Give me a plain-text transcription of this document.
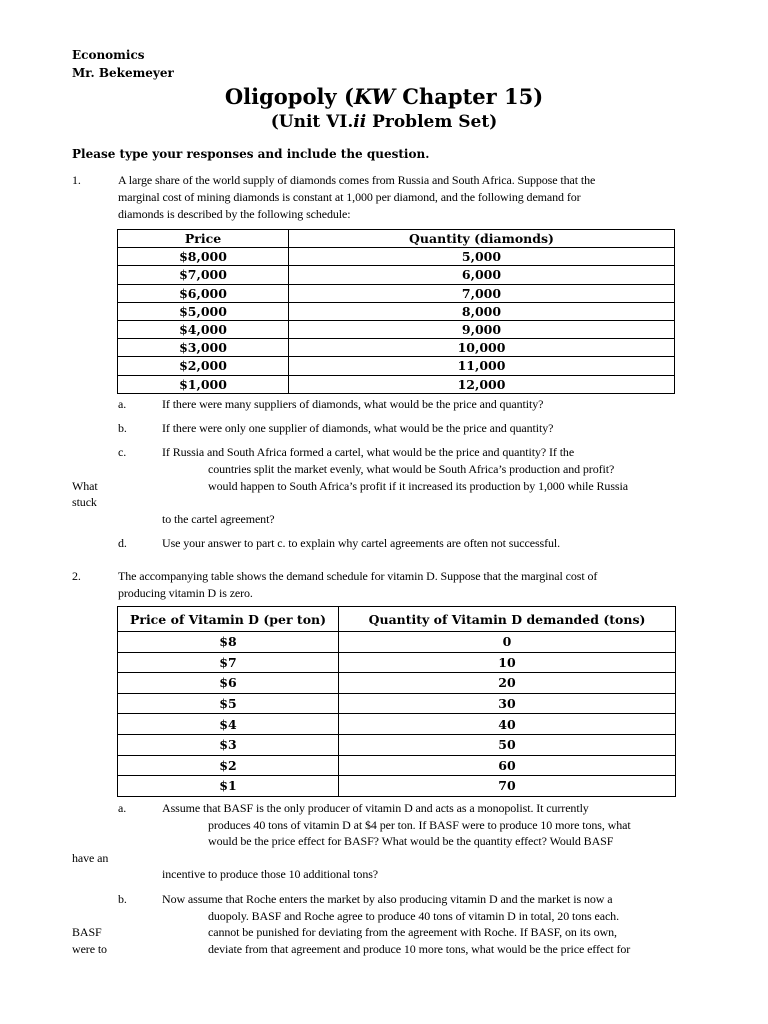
Economics
Mr. Bekemeyer
Oligopoly (KW Chapter 15)
(Unit VI.ii Problem Set)
Please type your responses and include the question.
1.	A large share of the world supply of diamonds comes from Russia and South Africa. Suppose that the
marginal cost of mining diamonds is constant at 1,000 per diamond, and the following demand for
diamonds is described by the following schedule:
Price	Quantity (diamonds)
$8,000	5,000
$7,000	6,000
$6,000	7,000
$5,000	8,000
$4,000	9,000
$3,000	10,000
$2,000	11,000
$1,000	12,000
a.	If there were many suppliers of diamonds, what would be the price and quantity?
b.	If there were only one supplier of diamonds, what would be the price and quantity?
c.	If Russia and South Africa formed a cartel, what would be the price and quantity? If the
countries split the market evenly, what would be South Africa’s production and profit?
What	would happen to South Africa’s profit if it increased its production by 1,000 while Russia
stuck
to the cartel agreement?
d.	Use your answer to part c. to explain why cartel agreements are often not successful.
2.	The accompanying table shows the demand schedule for vitamin D. Suppose that the marginal cost of
producing vitamin D is zero.
Price of Vitamin D (per ton)	Quantity of Vitamin D demanded (tons)
$8	0
$7	10
$6	20
$5	30
$4	40
$3	50
$2	60
$1	70
a.	Assume that BASF is the only producer of vitamin D and acts as a monopolist. It currently
produces 40 tons of vitamin D at $4 per ton. If BASF were to produce 10 more tons, what
would be the price effect for BASF? What would be the quantity effect? Would BASF
have an
incentive to produce those 10 additional tons?
b.	Now assume that Roche enters the market by also producing vitamin D and the market is now a
duopoly. BASF and Roche agree to produce 40 tons of vitamin D in total, 20 tons each.
BASF	cannot be punished for deviating from the agreement with Roche. If BASF, on its own,
were to	deviate from that agreement and produce 10 more tons, what would be the price effect for
